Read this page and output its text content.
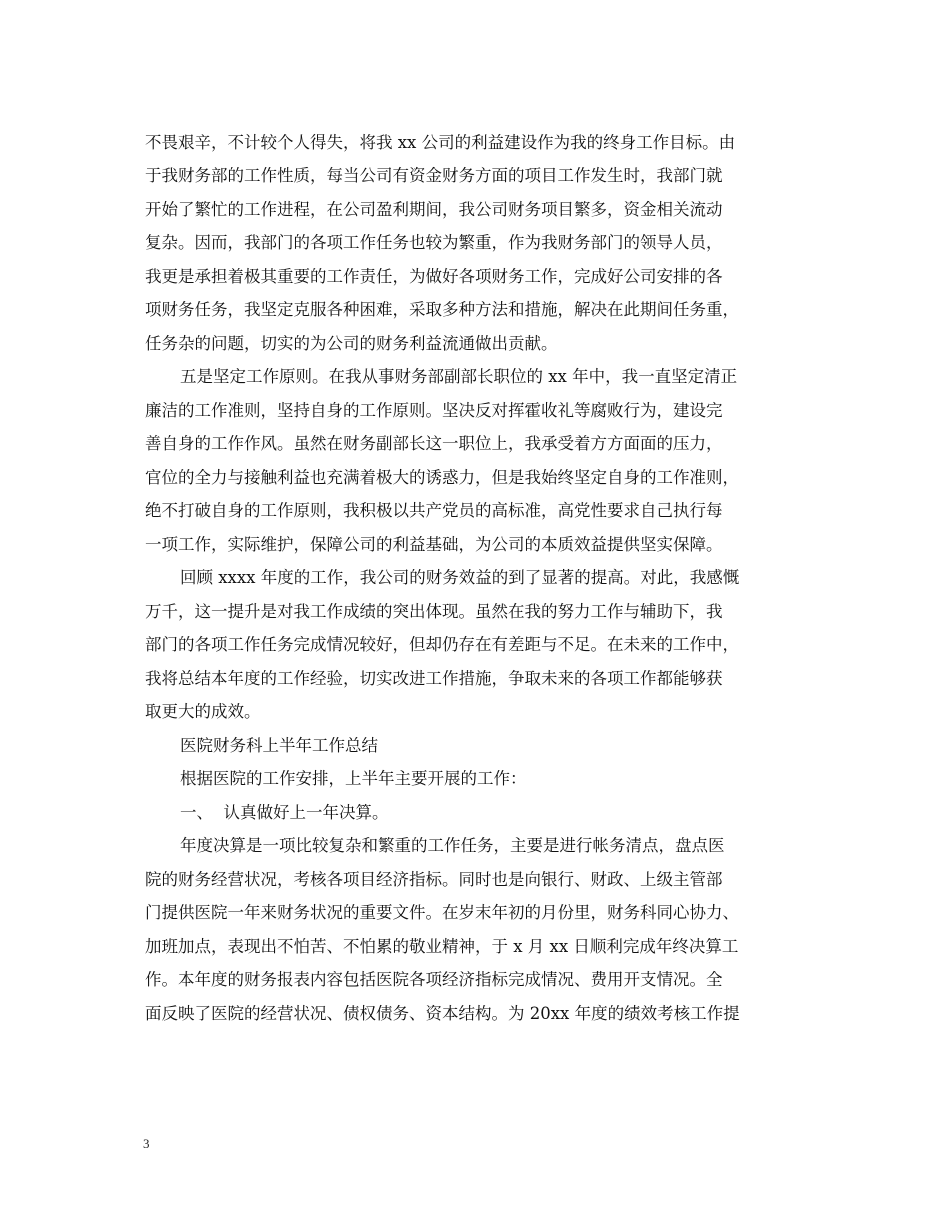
不畏艰辛，不计较个人得失，将我 xx 公司的利益建设作为我的终身工作目标。由
于我财务部的工作性质，每当公司有资金财务方面的项目工作发生时，我部门就
开始了繁忙的工作进程，在公司盈利期间，我公司财务项目繁多，资金相关流动
复杂。因而，我部门的各项工作任务也较为繁重，作为我财务部门的领导人员，
我更是承担着极其重要的工作责任，为做好各项财务工作，完成好公司安排的各
项财务任务，我坚定克服各种困难，采取多种方法和措施，解决在此期间任务重，
任务杂的问题，切实的为公司的财务利益流通做出贡献。
五是坚定工作原则。在我从事财务部副部长职位的 xx 年中，我一直坚定清正
廉洁的工作准则，坚持自身的工作原则。坚决反对挥霍收礼等腐败行为，建设完
善自身的工作作风。虽然在财务副部长这一职位上，我承受着方方面面的压力，
官位的全力与接触利益也充满着极大的诱惑力，但是我始终坚定自身的工作准则，
绝不打破自身的工作原则，我积极以共产党员的高标准，高党性要求自己执行每
一项工作，实际维护，保障公司的利益基础，为公司的本质效益提供坚实保障。
回顾 xxxx 年度的工作，我公司的财务效益的到了显著的提高。对此，我感慨
万千，这一提升是对我工作成绩的突出体现。虽然在我的努力工作与辅助下，我
部门的各项工作任务完成情况较好，但却仍存在有差距与不足。在未来的工作中，
我将总结本年度的工作经验，切实改进工作措施，争取未来的各项工作都能够获
取更大的成效。
医院财务科上半年工作总结
根据医院的工作安排，上半年主要开展的工作：
一、  认真做好上一年决算。
年度决算是一项比较复杂和繁重的工作任务，主要是进行帐务清点，盘点医
院的财务经营状况，考核各项目经济指标。同时也是向银行、财政、上级主管部
门提供医院一年来财务状况的重要文件。在岁末年初的月份里，财务科同心协力、
加班加点，表现出不怕苦、不怕累的敬业精神，于 x 月 xx 日顺利完成年终决算工
作。本年度的财务报表内容包括医院各项经济指标完成情况、费用开支情况。全
面反映了医院的经营状况、债权债务、资本结构。为 20xx 年度的绩效考核工作提
3
